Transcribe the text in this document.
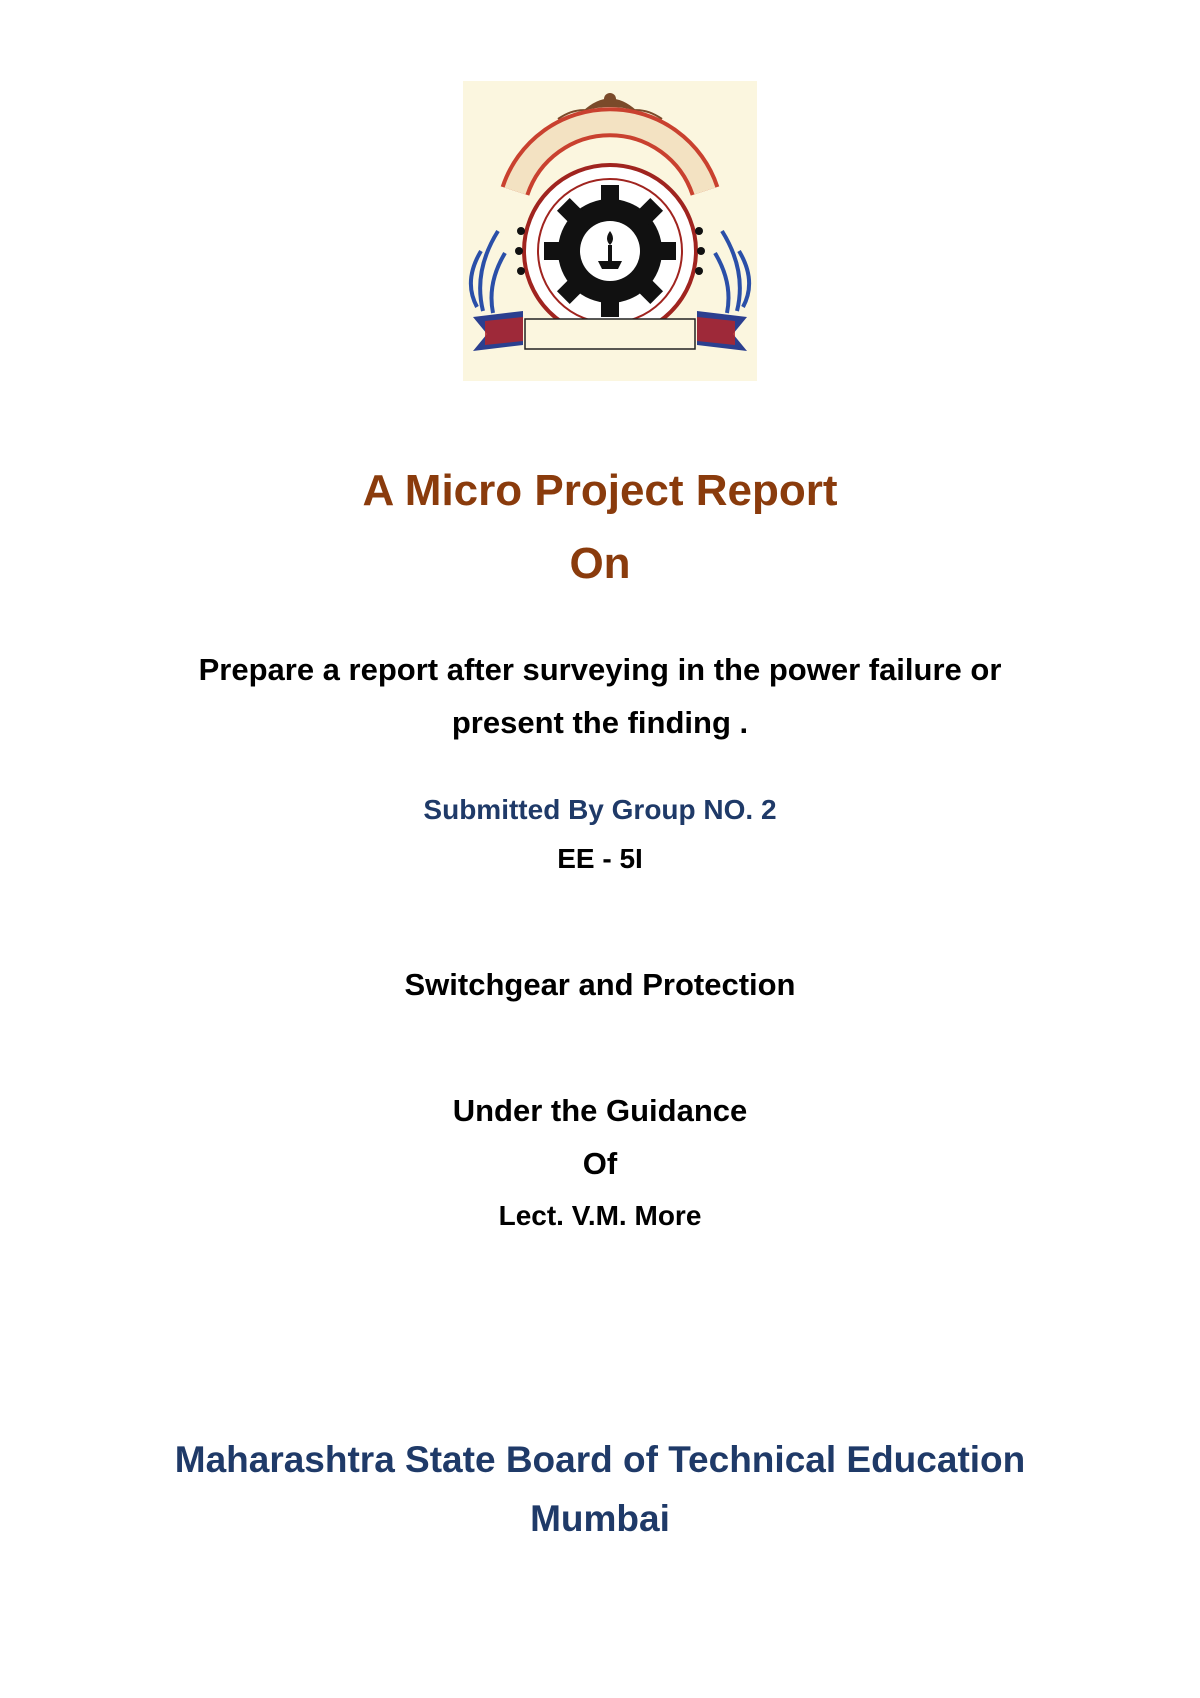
A Micro Project Report
On
Prepare a report after surveying in the power failure or
present the finding .
Submitted By Group NO. 2
EE - 5I
Switchgear and Protection
Under the Guidance
Of
Lect. V.M. More
Maharashtra State Board of Technical Education
Mumbai
